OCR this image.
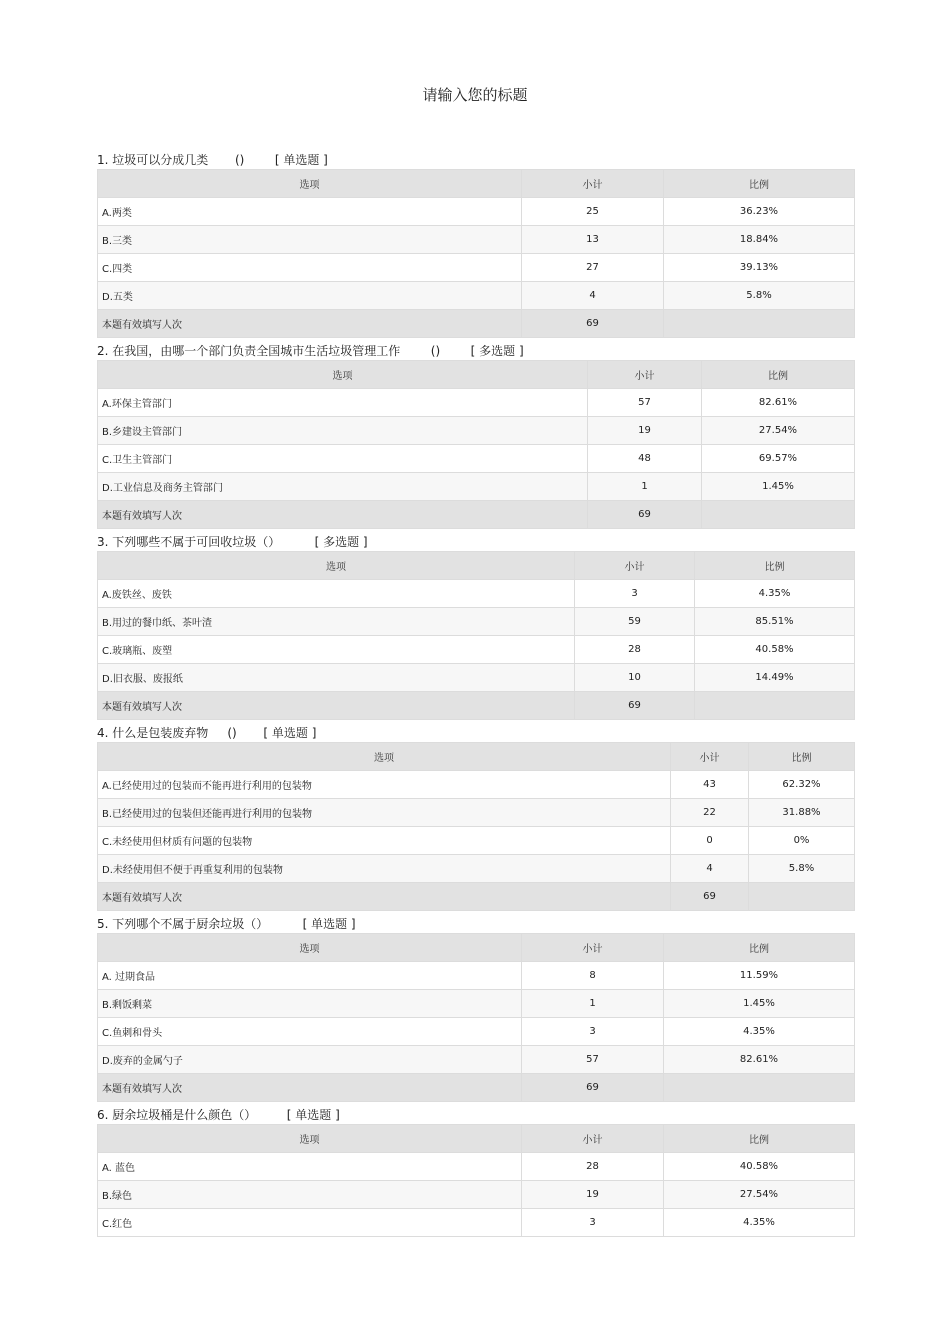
请输入您的标题
1. 垃圾可以分成几类       ()        [ 单选题 ]
选项	小计	比例
A.两类	25	36.23%
B.三类	13	18.84%
C.四类	27	39.13%
D.五类	4	5.8%
本题有效填写人次	69	
2. 在我国，由哪一个部门负责全国城市生活垃圾管理工作        ()        [ 多选题 ]
选项	小计	比例
A.环保主管部门	57	82.61%
B.乡建设主管部门	19	27.54%
C.卫生主管部门	48	69.57%
D.工业信息及商务主管部门	1	1.45%
本题有效填写人次	69	
3. 下列哪些不属于可回收垃圾（）         [ 多选题 ]
选项	小计	比例
A.废铁丝、废铁	3	4.35%
B.用过的餐巾纸、茶叶渣	59	85.51%
C.玻璃瓶、废塑	28	40.58%
D.旧衣服、废报纸	10	14.49%
本题有效填写人次	69	
4. 什么是包装废弃物     ()       [ 单选题 ]
选项	小计	比例
A.已经使用过的包装而不能再进行利用的包装物	43	62.32%
B.已经使用过的包装但还能再进行利用的包装物	22	31.88%
C.未经使用但材质有问题的包装物	0	0%
D.未经使用但不便于再重复利用的包装物	4	5.8%
本题有效填写人次	69	
5. 下列哪个不属于厨余垃圾（）         [ 单选题 ]
选项	小计	比例
A. 过期食品	8	11.59%
B.剩饭剩菜	1	1.45%
C.鱼刺和骨头	3	4.35%
D.废弃的金属勺子	57	82.61%
本题有效填写人次	69	
6. 厨余垃圾桶是什么颜色（）        [ 单选题 ]
选项	小计	比例
A. 蓝色	28	40.58%
B.绿色	19	27.54%
C.红色	3	4.35%
